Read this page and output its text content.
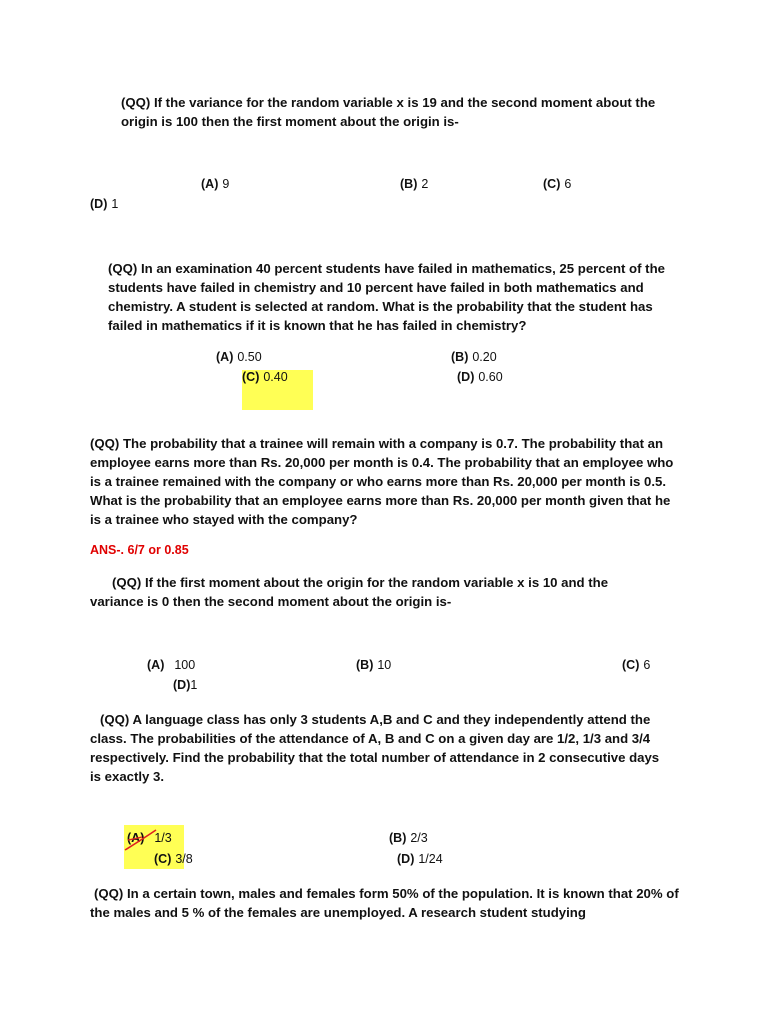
(QQ) If the variance for the random variable x is 19 and the second moment about the origin is 100 then the first moment about the origin is-

(A) 9	(B) 2	(C) 6
(D) 1

(QQ) In an examination 40 percent students have failed in mathematics, 25 percent of the students have failed in chemistry and 10 percent have failed in both mathematics and chemistry. A student is selected at random. What is the probability that the student has failed in mathematics if it is known that he has failed in chemistry?

(A) 0.50	(B) 0.20
(C) 0.40	(D) 0.60

(QQ) The probability that a trainee will remain with a company is 0.7. The probability that an employee earns more than Rs. 20,000 per month is 0.4. The probability that an employee who is a trainee remained with the company or who earns more than Rs. 20,000 per month is 0.5. What is the probability that an employee earns more than Rs. 20,000 per month given that he is a trainee who stayed with the company?

ANS-. 6/7 or 0.85

(QQ) If the first moment about the origin for the random variable x is 10 and the variance is 0 then the second moment about the origin is-

(A) 100	(B) 10	(C) 6
(D)1

(QQ) A language class has only 3 students A,B and C and they independently attend the class. The probabilities of the attendance of A, B and C on a given day are 1/2, 1/3 and 3/4 respectively. Find the probability that the total number of attendance in 2 consecutive days is exactly 3.

(A) 1/3	(B) 2/3
(C) 3/8	(D) 1/24

(QQ) In a certain town, males and females form 50% of the population. It is known that 20% of the males and 5 % of the females are unemployed. A research student studying
